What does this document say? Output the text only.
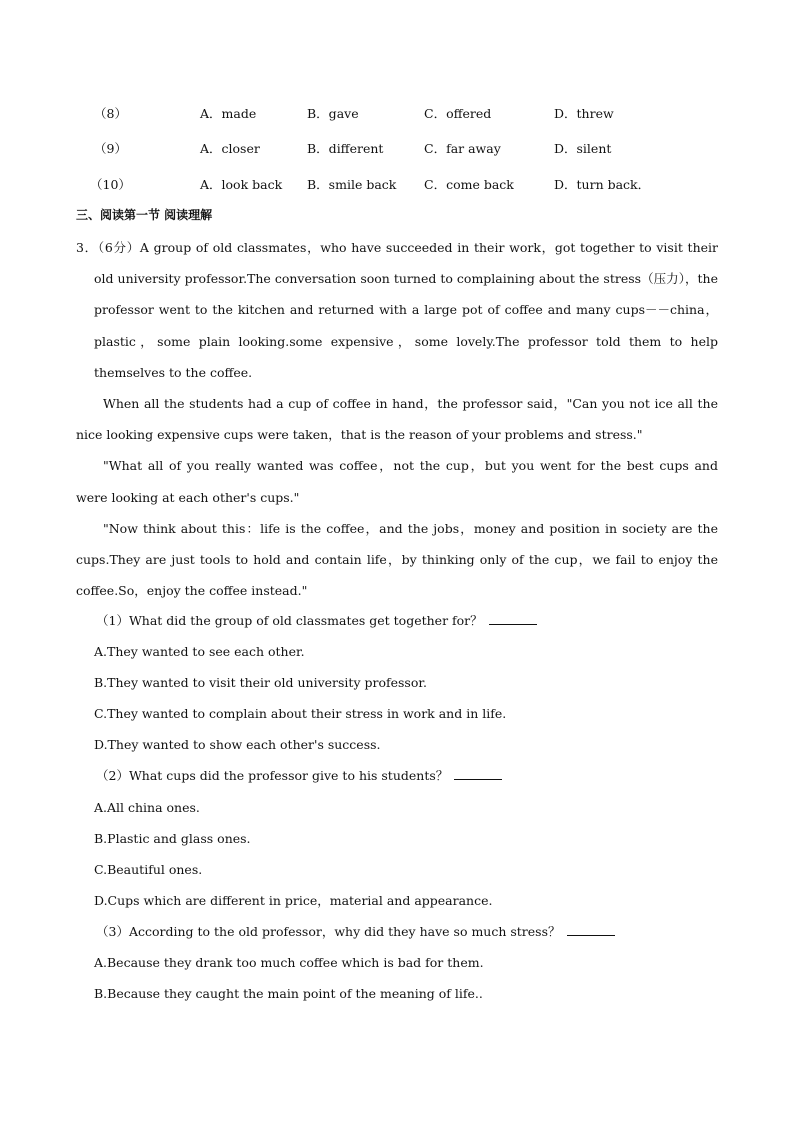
（8）	A．made	B．gave	C．offered	D．threw
（9）	A．closer	B．different	C．far away	D．silent
（10）	A．look back B．smile back C．come back	D．turn back．
三、阅读第一节 阅读理解

3．（6分）A group of old classmates，who have succeeded in their work，got together to visit their old university professor.The conversation soon turned to complaining about the stress（压力），the professor went to the kitchen and returned with a large pot of coffee and many cups－－china，plastic，some plain looking.some expensive，some lovely.The professor told them to help themselves to the coffee.

When all the students had a cup of coffee in hand，the professor said，"Can you not ice all the nice looking expensive cups were taken，that is the reason of your problems and stress."

"What all of you really wanted was coffee，not the cup，but you went for the best cups and were looking at each other's cups."

"Now think about this：life is the coffee，and the jobs，money and position in society are the cups.They are just tools to hold and contain life，by thinking only of the cup，we fail to enjoy the coffee.So，enjoy the coffee instead."

（1）What did the group of old classmates get together for？
A.They wanted to see each other.
B.They wanted to visit their old university professor.
C.They wanted to complain about their stress in work and in life.
D.They wanted to show each other's success.
（2）What cups did the professor give to his students？
A.All china ones.
B.Plastic and glass ones.
C.Beautiful ones.
D.Cups which are different in price，material and appearance.
（3）According to the old professor，why did they have so much stress？
A.Because they drank too much coffee which is bad for them.
B.Because they caught the main point of the meaning of life..
